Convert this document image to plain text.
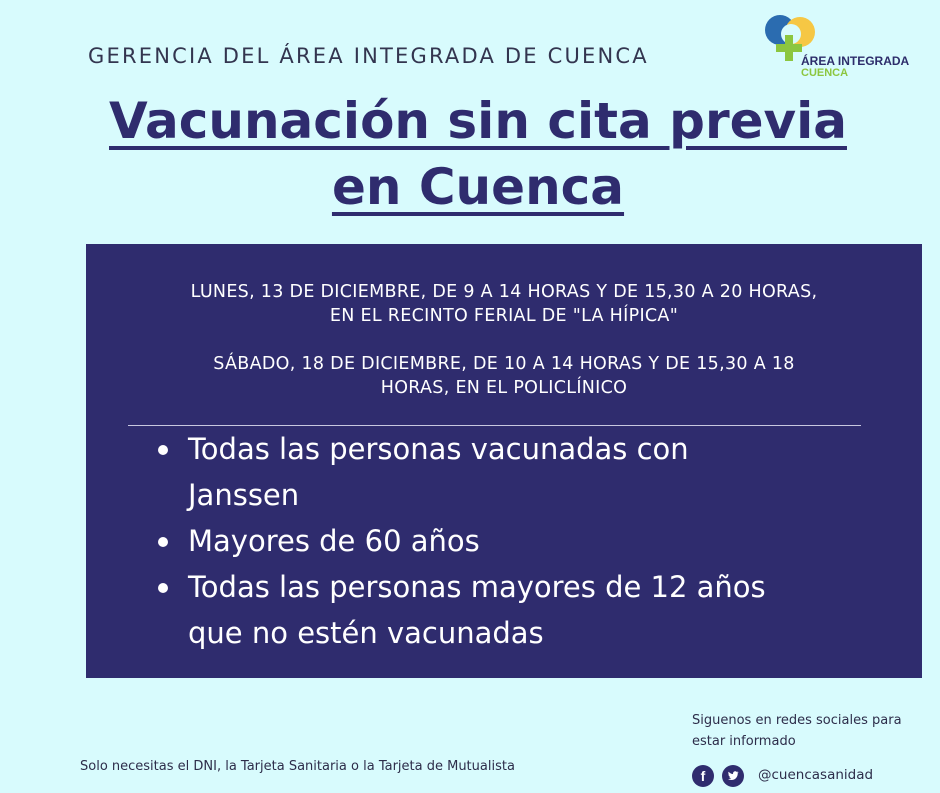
GERENCIA DEL ÁREA INTEGRADA DE CUENCA	ÁREA INTEGRADA
CUENCA
Vacunación sin cita previa
en Cuenca
LUNES, 13 DE DICIEMBRE, DE 9 A 14 HORAS Y DE 15,30 A 20 HORAS,
EN EL RECINTO FERIAL DE "LA HÍPICA"
SÁBADO, 18 DE DICIEMBRE, DE 10 A 14 HORAS Y DE 15,30 A 18
HORAS, EN EL POLICLÍNICO
Todas las personas vacunadas con
Janssen
Mayores de 60 años
Todas las personas mayores de 12 años
que no estén vacunadas
Solo necesitas el DNI, la Tarjeta Sanitaria o la Tarjeta de Mutualista
Siguenos en redes sociales para
estar informado
f	@cuencasanidad
